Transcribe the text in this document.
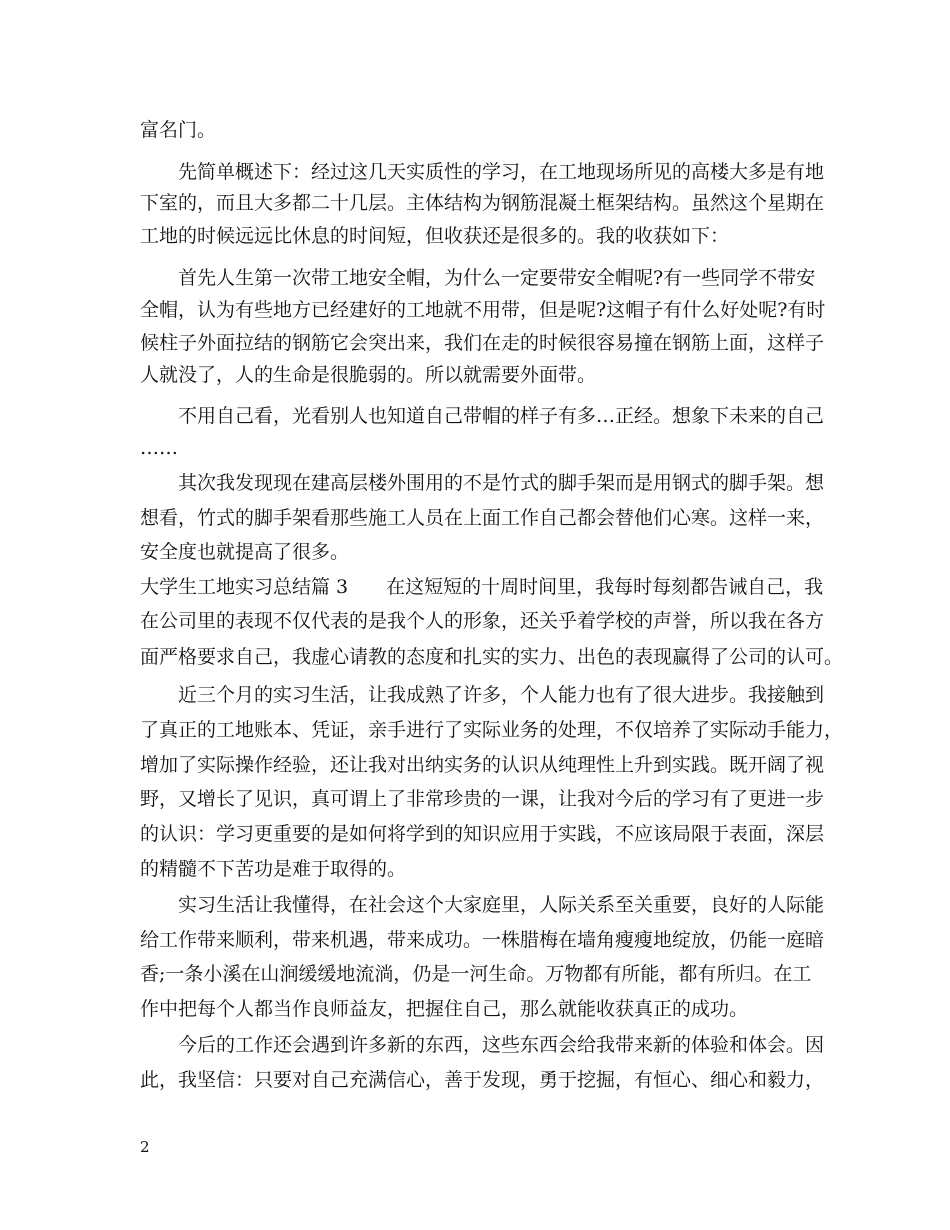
富名门。
先简单概述下：经过这几天实质性的学习，在工地现场所见的高楼大多是有地
下室的，而且大多都二十几层。主体结构为钢筋混凝土框架结构。虽然这个星期在
工地的时候远远比休息的时间短，但收获还是很多的。我的收获如下：
首先人生第一次带工地安全帽，为什么一定要带安全帽呢?有一些同学不带安
全帽，认为有些地方已经建好的工地就不用带，但是呢?这帽子有什么好处呢?有时
候柱子外面拉结的钢筋它会突出来，我们在走的时候很容易撞在钢筋上面，这样子
人就没了，人的生命是很脆弱的。所以就需要外面带。
不用自己看，光看别人也知道自己带帽的样子有多…正经。想象下未来的自己
……
其次我发现现在建高层楼外围用的不是竹式的脚手架而是用钢式的脚手架。想
想看，竹式的脚手架看那些施工人员在上面工作自己都会替他们心寒。这样一来，
安全度也就提高了很多。
大学生工地实习总结篇 3　　在这短短的十周时间里，我每时每刻都告诫自己，我
在公司里的表现不仅代表的是我个人的形象，还关乎着学校的声誉，所以我在各方
面严格要求自己，我虚心请教的态度和扎实的实力、出色的表现赢得了公司的认可。
近三个月的实习生活，让我成熟了许多，个人能力也有了很大进步。我接触到
了真正的工地账本、凭证，亲手进行了实际业务的处理，不仅培养了实际动手能力，
增加了实际操作经验，还让我对出纳实务的认识从纯理性上升到实践。既开阔了视
野，又增长了见识，真可谓上了非常珍贵的一课，让我对今后的学习有了更进一步
的认识：学习更重要的是如何将学到的知识应用于实践，不应该局限于表面，深层
的精髓不下苦功是难于取得的。
实习生活让我懂得，在社会这个大家庭里，人际关系至关重要，良好的人际能
给工作带来顺利，带来机遇，带来成功。一株腊梅在墙角瘦瘦地绽放，仍能一庭暗
香;一条小溪在山涧缓缓地流淌，仍是一河生命。万物都有所能，都有所归。在工
作中把每个人都当作良师益友，把握住自己，那么就能收获真正的成功。
今后的工作还会遇到许多新的东西，这些东西会给我带来新的体验和体会。因
此，我坚信：只要对自己充满信心，善于发现，勇于挖掘，有恒心、细心和毅力，
2
